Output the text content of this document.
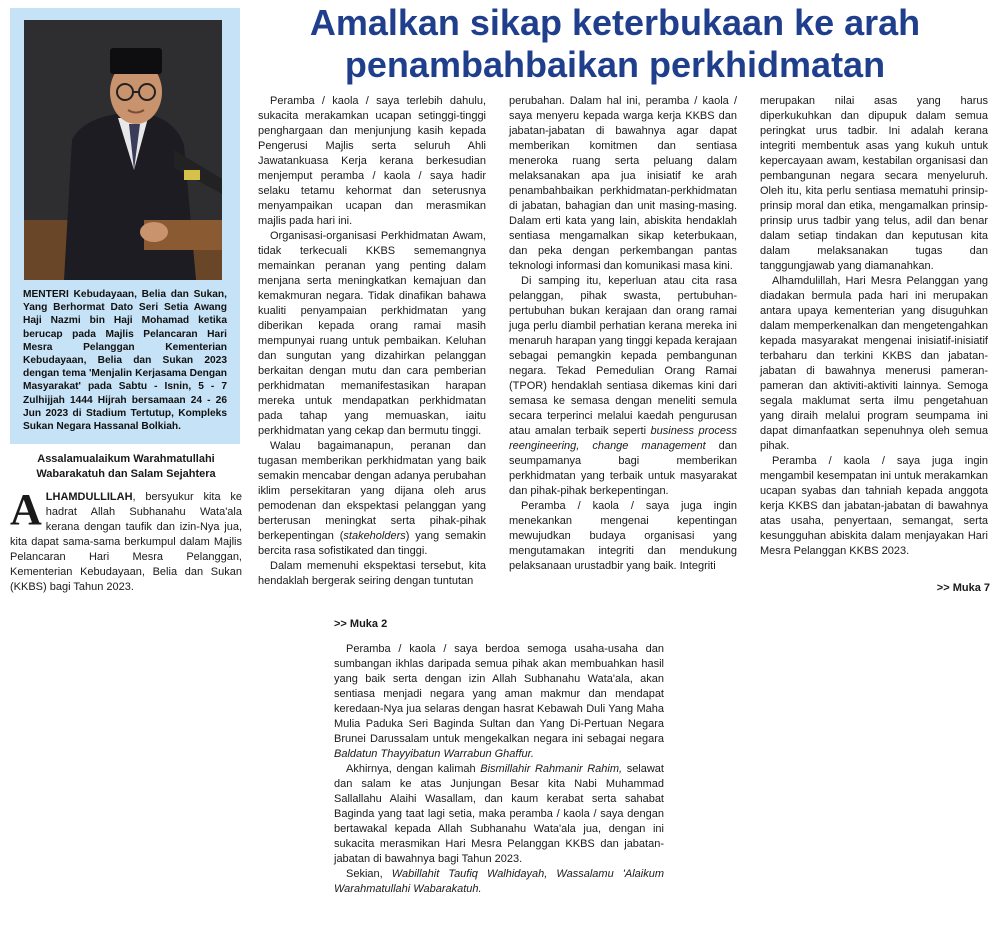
Amalkan sikap keterbukaan ke arah
penambahbaikan perkhidmatan

MENTERI Kebudayaan, Belia dan Sukan, Yang Berhormat Dato Seri Setia Awang Haji Nazmi bin Haji Mohamad ketika berucap pada Majlis Pelancaran Hari Mesra Pelanggan Kementerian Kebudayaan, Belia dan Sukan 2023 dengan tema 'Menjalin Kerjasama Dengan Masyarakat' pada Sabtu - Isnin, 5 - 7 Zulhijjah 1444 Hijrah bersamaan 24 - 26 Jun 2023 di Stadium Tertutup, Kompleks Sukan Negara Hassanal Bolkiah.

Assalamualaikum Warahmatullahi Wabarakatuh dan Salam Sejahtera

ALHAMDULLILAH, bersyukur kita ke hadrat Allah Subhanahu Wata'ala kerana dengan taufik dan izin-Nya jua, kita dapat sama-sama berkumpul dalam Majlis Pelancaran Hari Mesra Pelanggan, Kementerian Kebudayaan, Belia dan Sukan (KKBS) bagi Tahun 2023.

Peramba / kaola / saya terlebih dahulu, sukacita merakamkan ucapan setinggi-tinggi penghargaan dan menjunjung kasih kepada Pengerusi Majlis serta seluruh Ahli Jawatankuasa Kerja kerana berkesudian menjemput peramba / kaola / saya hadir selaku tetamu kehormat dan seterusnya menyampaikan ucapan dan merasmikan majlis pada hari ini.

Organisasi-organisasi Perkhidmatan Awam, tidak terkecuali KKBS sememangnya memainkan peranan yang penting dalam menjana serta meningkatkan kemajuan dan kemakmuran negara. Tidak dinafikan bahawa kualiti penyampaian perkhidmatan yang diberikan kepada orang ramai masih mempunyai ruang untuk pembaikan. Keluhan dan sungutan yang dizahirkan pelanggan berkaitan dengan mutu dan cara pemberian perkhidmatan memanifestasikan harapan mereka untuk mendapatkan perkhidmatan pada tahap yang memuaskan, iaitu perkhidmatan yang cekap dan bermutu tinggi.

Walau bagaimanapun, peranan dan tugasan memberikan perkhidmatan yang baik semakin mencabar dengan adanya perubahan iklim persekitaran yang dijana oleh arus pemodenan dan ekspektasi pelanggan yang berterusan meningkat serta pihak-pihak berkepentingan (stakeholders) yang semakin bercita rasa sofistikated dan tinggi.

Dalam memenuhi ekspektasi tersebut, kita hendaklah bergerak seiring dengan tuntutan

perubahan. Dalam hal ini, peramba / kaola / saya menyeru kepada warga kerja KKBS dan jabatan-jabatan di bawahnya agar dapat memberikan komitmen dan sentiasa meneroka ruang serta peluang dalam melaksanakan apa jua inisiatif ke arah penambahbaikan perkhidmatan-perkhidmatan di jabatan, bahagian dan unit masing-masing. Dalam erti kata yang lain, abiskita hendaklah sentiasa mengamalkan sikap keterbukaan, dan peka dengan perkembangan pantas teknologi informasi dan komunikasi masa kini.

Di samping itu, keperluan atau cita rasa pelanggan, pihak swasta, pertubuhan-pertubuhan bukan kerajaan dan orang ramai juga perlu diambil perhatian kerana mereka ini menaruh harapan yang tinggi kepada kerajaan sebagai pemangkin kepada pembangunan negara. Tekad Pemedulian Orang Ramai (TPOR) hendaklah sentiasa dikemas kini dari semasa ke semasa dengan meneliti semula secara terperinci melalui kaedah pengurusan atau amalan terbaik seperti business process reengineering, change management dan seumpamanya bagi memberikan perkhidmatan yang terbaik untuk masyarakat dan pihak-pihak berkepentingan.

Peramba / kaola / saya juga ingin menekankan mengenai kepentingan mewujudkan budaya organisasi yang mengutamakan integriti dan mendukung pelaksanaan urustadbir yang baik. Integriti

merupakan nilai asas yang harus diperkukuhkan dan dipupuk dalam semua peringkat urus tadbir. Ini adalah kerana integriti membentuk asas yang kukuh untuk kepercayaan awam, kestabilan organisasi dan pembangunan negara secara menyeluruh. Oleh itu, kita perlu sentiasa mematuhi prinsip-prinsip moral dan etika, mengamalkan prinsip-prinsip urus tadbir yang telus, adil dan benar dalam setiap tindakan dan keputusan kita dalam melaksanakan tugas dan tanggungjawab yang diamanahkan.

Alhamdulillah, Hari Mesra Pelanggan yang diadakan bermula pada hari ini merupakan antara upaya kementerian yang disuguhkan dalam memperkenalkan dan mengetengahkan kepada masyarakat mengenai inisiatif-inisiatif terbaharu dan terkini KKBS dan jabatan-jabatan di bawahnya menerusi pameran-pameran dan aktiviti-aktiviti lainnya. Semoga segala maklumat serta ilmu pengetahuan yang diraih melalui program seumpama ini dapat dimanfaatkan sepenuhnya oleh semua pihak.

Peramba / kaola / saya juga ingin mengambil kesempatan ini untuk merakamkan ucapan syabas dan tahniah kepada anggota kerja KKBS dan jabatan-jabatan di bawahnya atas usaha, penyertaan, semangat, serta kesungguhan abiskita dalam menjayakan Hari Mesra Pelanggan KKBS 2023.

>> Muka 7

>> Muka 2

Peramba / kaola / saya berdoa semoga usaha-usaha dan sumbangan ikhlas daripada semua pihak akan membuahkan hasil yang baik serta dengan izin Allah Subhanahu Wata'ala, akan sentiasa menjadi negara yang aman makmur dan mendapat keredaan-Nya jua selaras dengan hasrat Kebawah Duli Yang Maha Mulia Paduka Seri Baginda Sultan dan Yang Di-Pertuan Negara Brunei Darussalam untuk mengekalkan negara ini sebagai negara Baldatun Thayyibatun Warrabun Ghaffur.

Akhirnya, dengan kalimah Bismillahir Rahmanir Rahim, selawat dan salam ke atas Junjungan Besar kita Nabi Muhammad Sallallahu Alaihi Wasallam, dan kaum kerabat serta sahabat Baginda yang taat lagi setia, maka peramba / kaola / saya dengan bertawakal kepada Allah Subhanahu Wata'ala jua, dengan ini sukacita merasmikan Hari Mesra Pelanggan KKBS dan jabatan-jabatan di bawahnya bagi Tahun 2023.

Sekian, Wabillahit Taufiq Walhidayah, Wassalamu 'Alaikum Warahmatullahi Wabarakatuh.
